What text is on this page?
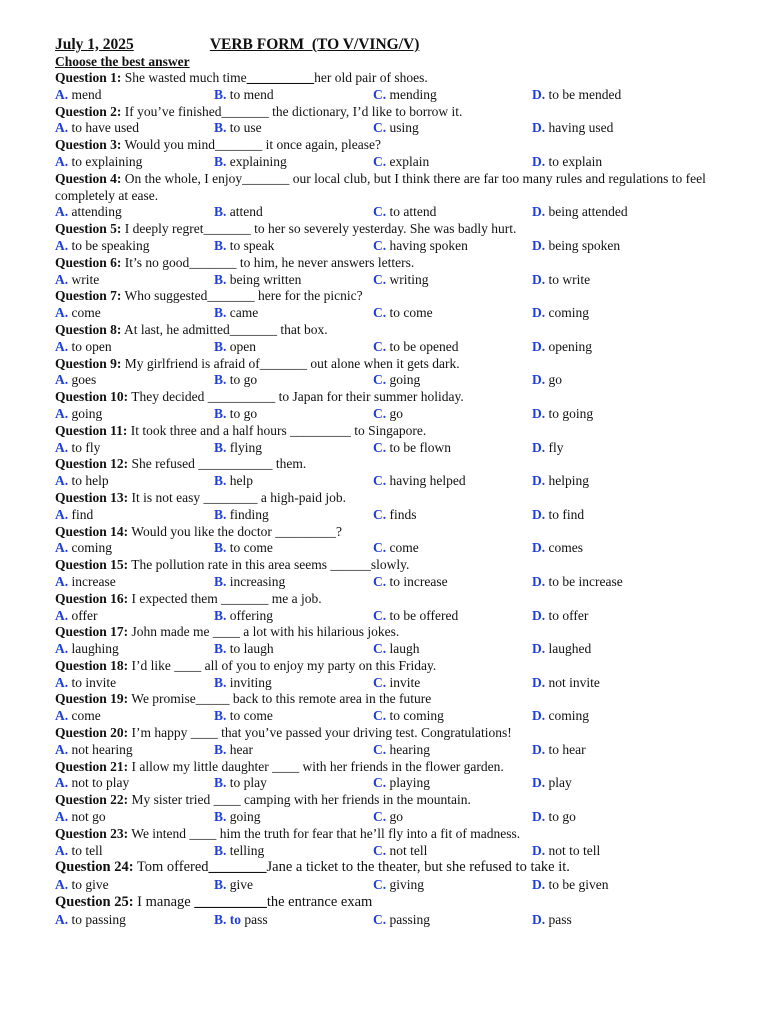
July 1, 2025	VERB FORM  (TO V/VING/V)
Choose the best answer
Question 1: She wasted much time__________her old pair of shoes.
A. mend	B. to mend	C. mending	D. to be mended
Question 2: If you’ve finished_______ the dictionary, I’d like to borrow it.
A. to have used	B. to use	C. using	D. having used
Question 3: Would you mind_______ it once again, please?
A. to explaining	B. explaining	C. explain	D. to explain
Question 4: On the whole, I enjoy_______ our local club, but I think there are far too many rules and regulations to feel completely at ease.
A. attending	B. attend	C. to attend	D. being attended
Question 5: I deeply regret_______ to her so severely yesterday. She was badly hurt.
A. to be speaking	B. to speak	C. having spoken	D. being spoken
Question 6: It’s no good_______ to him, he never answers letters.
A. write	B. being written	C. writing	D. to write
Question 7: Who suggested_______ here for the picnic?
A. come	B. came	C. to come	D. coming
Question 8: At last, he admitted_______ that box.
A. to open	B. open	C. to be opened	D. opening
Question 9: My girlfriend is afraid of_______ out alone when it gets dark.
A. goes	B. to go	C. going	D. go
Question 10: They decided __________ to Japan for their summer holiday.
A. going	B. to go	C. go	D. to going
Question 11: It took three and a half hours _________ to Singapore.
A. to fly	B. flying	C. to be flown	D. fly
Question 12: She refused ___________ them.
A. to help	B. help	C. having helped	D. helping
Question 13: It is not easy ________ a high-paid job.
A. find	B. finding	C. finds	D. to find
Question 14: Would you like the doctor _________?
A. coming	B. to come	C. come	D. comes
Question 15: The pollution rate in this area seems ______slowly.
A. increase	B. increasing	C. to increase	D. to be increase
Question 16: I expected them _______ me a job.
A. offer	B. offering	C. to be offered	D. to offer
Question 17: John made me ____ a lot with his hilarious jokes.
A. laughing	B. to laugh	C. laugh	D. laughed
Question 18: I’d like ____ all of you to enjoy my party on this Friday.
A. to invite	B. inviting	C. invite	D. not invite
Question 19: We promise_____ back to this remote area in the future
A. come	B. to come	C. to coming	D. coming
Question 20: I’m happy ____ that you’ve passed your driving test. Congratulations!
A. not hearing	B. hear	C. hearing	D. to hear
Question 21: I allow my little daughter ____ with her friends in the flower garden.
A. not to play	B. to play	C. playing	D. play
Question 22: My sister tried ____ camping with her friends in the mountain.
A. not go	B. going	C. go	D. to go
Question 23: We intend ____ him the truth for fear that he’ll fly into a fit of madness.
A. to tell	B. telling	C. not tell	D. not to tell
Question 24: Tom offered________Jane a ticket to the theater, but she refused to take it.
A. to give	B. give	C. giving	D. to be given
Question 25: I manage __________the entrance exam
A. to passing	B. to pass	C. passing	D. pass
